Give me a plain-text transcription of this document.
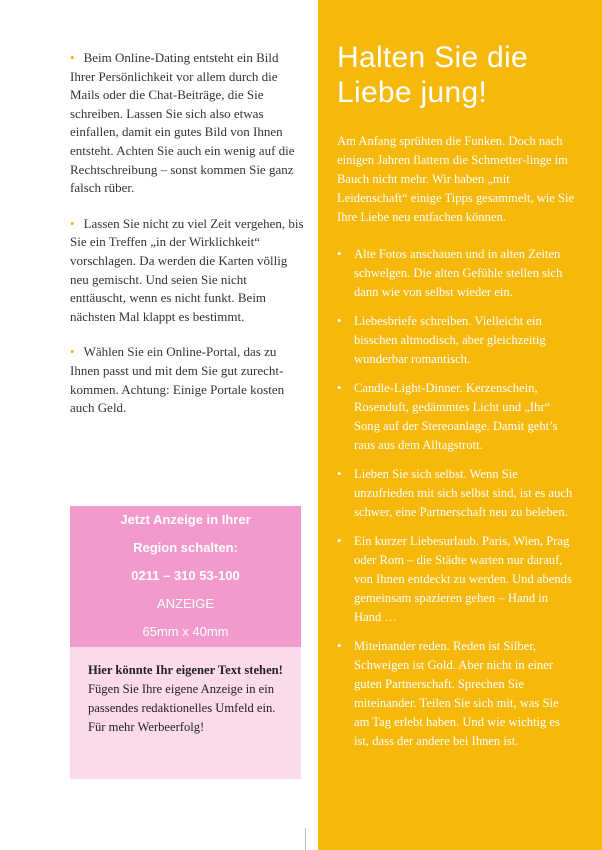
• Beim Online-Dating entsteht ein Bild Ihrer Persönlichkeit vor allem durch die Mails oder die Chat-Beiträge, die Sie schreiben. Lassen Sie sich also etwas einfallen, damit ein gutes Bild von Ihnen entsteht. Achten Sie auch ein wenig auf die Rechtschreibung – sonst kommen Sie ganz falsch rüber.

• Lassen Sie nicht zu viel Zeit vergehen, bis Sie ein Treffen „in der Wirklichkeit“ vorschlagen. Da werden die Karten völlig neu gemischt. Und seien Sie nicht enttäuscht, wenn es nicht funkt. Beim nächsten Mal klappt es bestimmt.

• Wählen Sie ein Online-Portal, das zu Ihnen passt und mit dem Sie gut zurecht-kommen. Achtung: Einige Portale kosten auch Geld.

Jetzt Anzeige in Ihrer
Region schalten:
0211 – 310 53-100
ANZEIGE
65mm x 40mm
Hier könnte Ihr eigener Text stehen!
Fügen Sie Ihre eigene Anzeige in ein passendes redaktionelles Umfeld ein. Für mehr Werbeerfolg!
Halten Sie die Liebe jung!

Am Anfang sprühten die Funken. Doch nach einigen Jahren flattern die Schmetter-linge im Bauch nicht mehr. Wir haben „mit Leidenschaft“ einige Tipps gesammelt, wie Sie Ihre Liebe neu entfachen können.

• Alte Fotos anschauen und in alten Zeiten schwelgen. Die alten Gefühle stellen sich dann wie von selbst wieder ein.
• Liebesbriefe schreiben. Vielleicht ein bisschen altmodisch, aber gleichzeitig wunderbar romantisch.
• Candle-Light-Dinner. Kerzenschein, Rosenduft, gedämmtes Licht und „Ihr“ Song auf der Stereoanlage. Damit geht’s raus aus dem Alltagstrott.
• Lieben Sie sich selbst. Wenn Sie unzufrieden mit sich selbst sind, ist es auch schwer, eine Partnerschaft neu zu beleben.
• Ein kurzer Liebesurlaub. Paris, Wien, Prag oder Rom – die Städte warten nur darauf, von Ihnen entdeckt zu werden. Und abends gemeinsam spazieren gehen – Hand in Hand …
• Miteinander reden. Reden ist Silber, Schweigen ist Gold. Aber nicht in einer guten Partnerschaft. Sprechen Sie miteinander. Teilen Sie sich mit, was Sie am Tag erlebt haben. Und wie wichtig es ist, dass der andere bei Ihnen ist.
